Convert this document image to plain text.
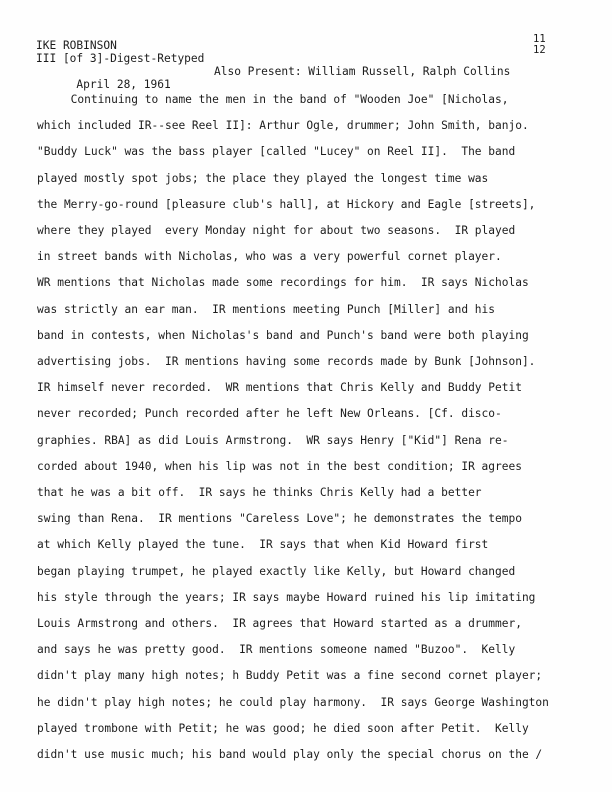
IKE ROBINSON
III [of 3]-Digest-Retyped

April 28, 1961

Also Present: William Russell, Ralph Collins

11
12
Continuing to name the men in the band of "Wooden Joe" [Nicholas,
which included IR--see Reel II]: Arthur Ogle, drummer; John Smith, banjo.
"Buddy Luck" was the bass player [called "Lucey" on Reel II].  The band
played mostly spot jobs; the place they played the longest time was
the Merry-go-round [pleasure club's hall], at Hickory and Eagle [streets],
where they played  every Monday night for about two seasons.  IR played
in street bands with Nicholas, who was a very powerful cornet player.
WR mentions that Nicholas made some recordings for him.  IR says Nicholas
was strictly an ear man.  IR mentions meeting Punch [Miller] and his
band in contests, when Nicholas's band and Punch's band were both playing
advertising jobs.  IR mentions having some records made by Bunk [Johnson].
IR himself never recorded.  WR mentions that Chris Kelly and Buddy Petit
never recorded; Punch recorded after he left New Orleans. [Cf. disco-
graphies. RBA] as did Louis Armstrong.  WR says Henry ["Kid"] Rena re-
corded about 1940, when his lip was not in the best condition; IR agrees
that he was a bit off.  IR says he thinks Chris Kelly had a better
swing than Rena.  IR mentions "Careless Love"; he demonstrates the tempo
at which Kelly played the tune.  IR says that when Kid Howard first
began playing trumpet, he played exactly like Kelly, but Howard changed
his style through the years; IR says maybe Howard ruined his lip imitating
Louis Armstrong and others.  IR agrees that Howard started as a drummer,
and says he was pretty good.  IR mentions someone named "Buzoo".  Kelly
didn't play many high notes; h Buddy Petit was a fine second cornet player;
he didn't play high notes; he could play harmony.  IR says George Washington
played trombone with Petit; he was good; he died soon after Petit.  Kelly
didn't use music much; his band would play only the special chorus on the /
